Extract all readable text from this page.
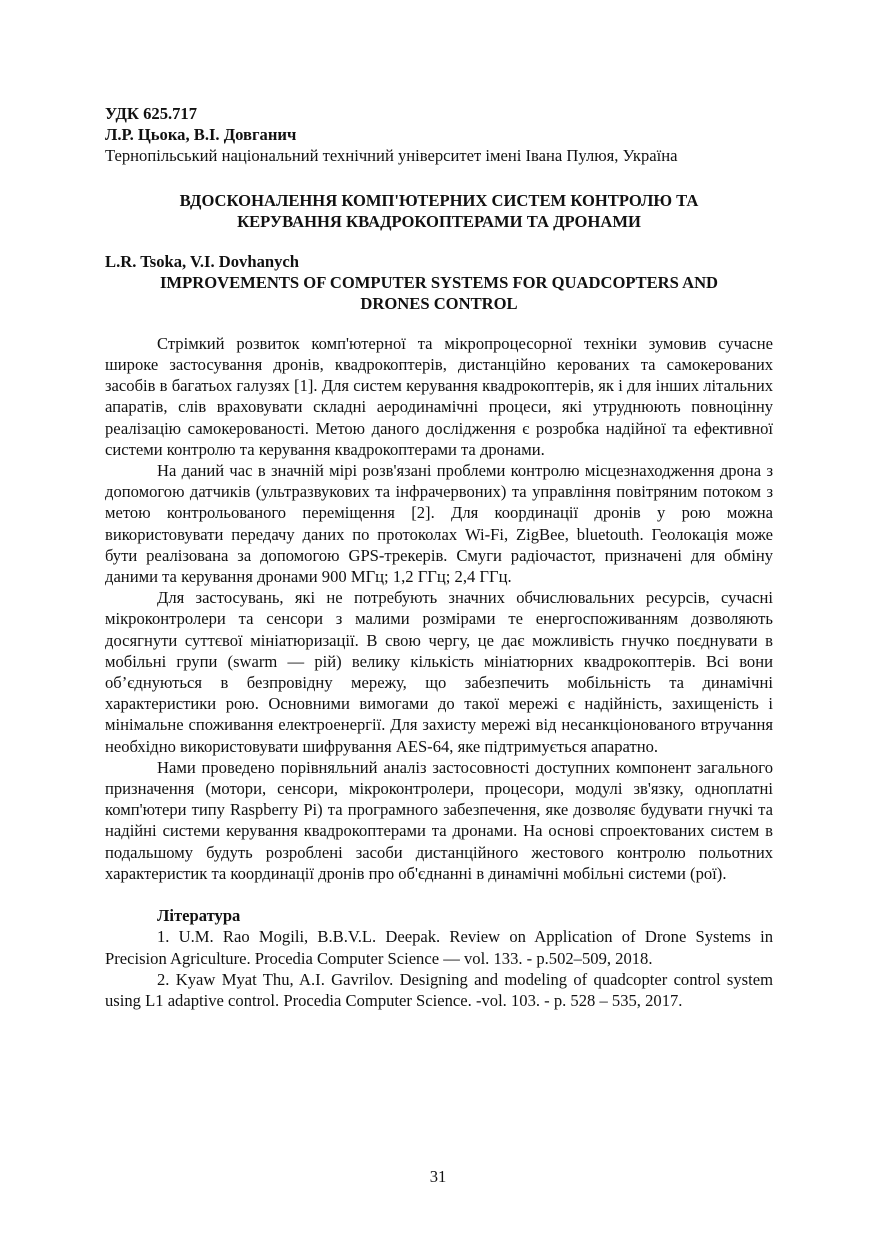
УДК 625.717
Л.Р. Цьока, В.І. Довганич
Тернопільський національний технічний університет імені Івана Пулюя, Україна
ВДОСКОНАЛЕННЯ КОМП'ЮТЕРНИХ СИСТЕМ КОНТРОЛЮ ТА
КЕРУВАННЯ КВАДРОКОПТЕРАМИ ТА ДРОНАМИ
L.R. Tsoka, V.I. Dovhanych
IMPROVEMENTS OF COMPUTER SYSTEMS FOR QUADCOPTERS AND
DRONES CONTROL

Стрімкий розвиток комп'ютерної та мікропроцесорної техніки зумовив сучасне широке застосування дронів, квадрокоптерів, дистанційно керованих та самокерованих засобів в багатьох галузях [1]. Для систем керування квадрокоптерів, як і для інших літальних апаратів, слів враховувати складні аеродинамічні процеси, які утруднюють повноцінну реалізацію самокерованості. Метою даного дослідження є розробка надійної та ефективної системи контролю та керування квадрокоптерами та дронами.

На даний час в значній мірі розв'язані проблеми контролю місцезнаходження дрона з допомогою датчиків (ультразвукових та інфрачервоних) та управління повітряним потоком з метою контрольованого переміщення [2]. Для координації дронів у рою можна використовувати передачу даних по протоколах Wi-Fi, ZigBee, bluetouth. Геолокація може бути реалізована за допомогою GPS-трекерів. Смуги радіочастот, призначені для обміну даними та керування дронами 900 МГц; 1,2 ГГц; 2,4 ГГц.

Для застосувань, які не потребують значних обчислювальних ресурсів, сучасні мікроконтролери та сенсори з малими розмірами те енергоспоживанням дозволяють досягнути суттєвої мініатюризації. В свою чергу, це дає можливість гнучко поєднувати в мобільні групи (swarm — рій) велику кількість мініатюрних квадрокоптерів. Всі вони об’єднуються в безпровідну мережу, що забезпечить мобільність та динамічні характеристики рою. Основними вимогами до такої мережі є надійність, захищеність і мінімальне споживання електроенергії. Для захисту мережі від несанкціонованого втручання необхідно використовувати шифрування AES-64, яке підтримується апаратно.

Нами проведено порівняльний аналіз застосовності доступних компонент загального призначення (мотори, сенсори, мікроконтролери, процесори, модулі зв'язку, одноплатні комп'ютери типу Raspberry Pi) та програмного забезпечення, яке дозволяє будувати гнучкі та надійні системи керування квадрокоптерами та дронами. На основі спроектованих систем в подальшому будуть розроблені засоби дистанційного жестового контролю польотних характеристик та координації дронів про об'єднанні в динамічні мобільні системи (рої).

Література

1. U.M. Rao Mogili, B.B.V.L. Deepak. Review on Application of Drone Systems in Precision Agriculture. Procedia Computer Science — vol. 133. - p.502–509, 2018.

2. Kyaw Myat Thu, A.I. Gavrilov. Designing and modeling of quadcopter control system using L1 adaptive control. Procedia Computer Science. -vol. 103. - p. 528 – 535, 2017.

31
